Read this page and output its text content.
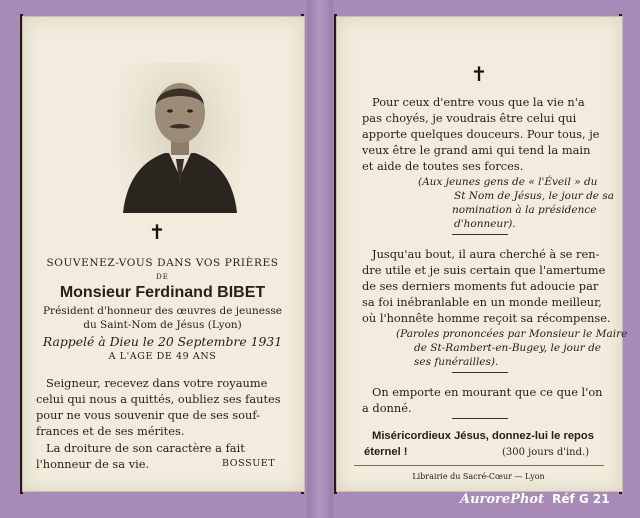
✝

SOUVENEZ-VOUS DANS VOS PRIÈRES

DE

Monsieur Ferdinand BIBET

Président d'honneur des œuvres de jeunesse

du Saint-Nom de Jésus (Lyon)

Rappelé à Dieu le 20 Septembre 1931

A L'AGE DE 49 ANS

Seigneur, recevez dans votre royaume

celui qui nous a quittés, oubliez ses fautes

pour ne vous souvenir que de ses souf-

frances et de ses mérites.

La droiture de son caractère a fait

l'honneur de sa vie.	BOSSUET

✝

Pour ceux d'entre vous que la vie n'a

pas choyés, je voudrais être celui qui

apporte quelques douceurs. Pour tous, je

veux être le grand ami qui tend la main

et aide de toutes ses forces.

(Aux jeunes gens de « l'Éveil » du

St Nom de Jésus, le jour de sa

nomination à la présidence

d'honneur).

Jusqu'au bout, il aura cherché à se ren-

dre utile et je suis certain que l'amertume

de ses derniers moments fut adoucie par

sa foi inébranlable en un monde meilleur,

où l'honnête homme reçoit sa récompense.

(Paroles prononcées par Monsieur le Maire

de St-Rambert-en-Bugey, le jour de

ses funérailles).

On emporte en mourant que ce que l'on

a donné.

Miséricordieux Jésus, donnez-lui le repos

éternel !	(300 jours d'ind.)

Librairie du Sacré-Cœur — Lyon

AurorePhot Réf G 21
